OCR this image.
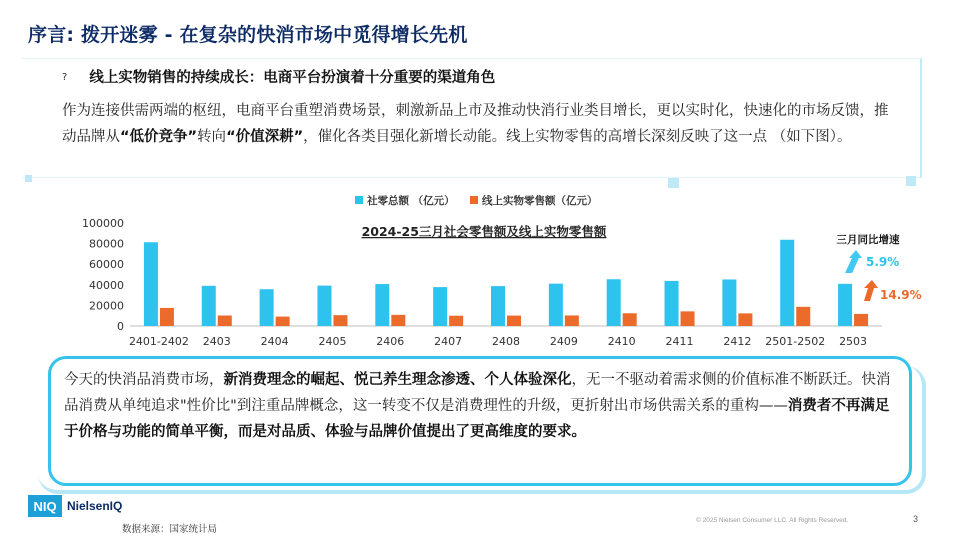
序言: 拨开迷雾 - 在复杂的快消市场中觅得增长先机
? 线上实物销售的持续成长：电商平台扮演着十分重要的渠道角色
作为连接供需两端的枢纽，电商平台重塑消费场景，刺激新品上市及推动快消行业类目增长，更以实时化，快速化的市场反馈，推动品牌从“低价竞争”转向“价值深耕”，催化各类目强化新增长动能。线上实物零售的高增长深刻反映了这一点 （如下图）。
社零总额 （亿元）	线上实物零售额（亿元）
2024-25三月社会零售额及线上实物零售额
100000
80000
60000
40000
20000
0
2401-2402 2403	2404	2405	2406	2407	2408	2409	2410	2411	2412 2501-2502 2503
三月同比增速
5.9%
14.9%
今天的快消品消费市场，新消费理念的崛起、悦己养生理念渗透、个人体验深化，无一不驱动着需求侧的价值标准不断跃迁。快消品消费从单纯追求"性价比"到注重品牌概念，这一转变不仅是消费理性的升级，更折射出市场供需关系的重构——消费者不再满足于价格与功能的简单平衡，而是对品质、体验与品牌价值提出了更高维度的要求。
NIQ NielsenIQ
数据来源：国家统计局
© 2025 Nielsen Consumer LLC. All Rights Reserved.	3
